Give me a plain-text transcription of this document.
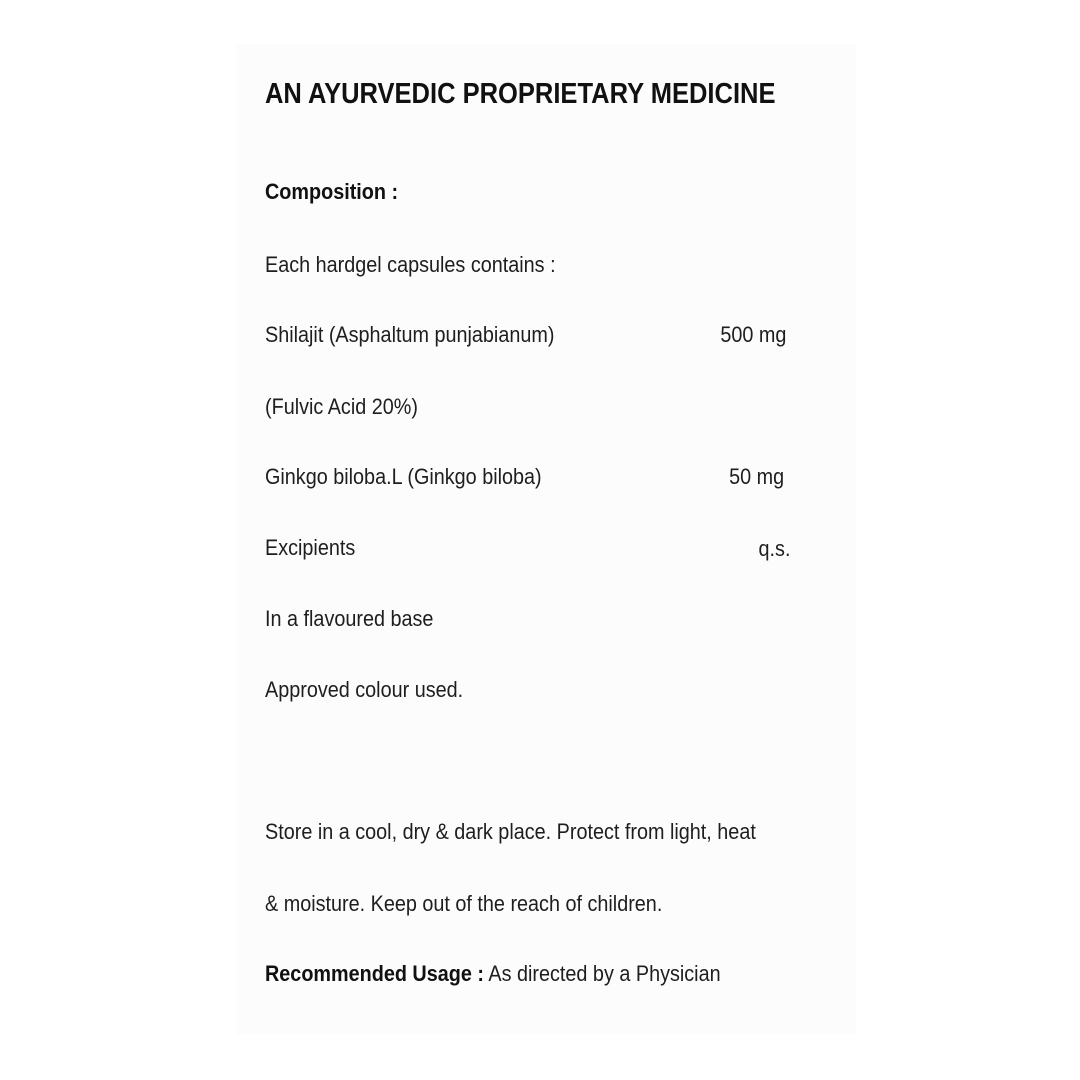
AN AYURVEDIC PROPRIETARY MEDICINE

Composition :

Each hardgel capsules contains :

Shilajit (Asphaltum punjabianum)	500 mg

(Fulvic Acid 20%)

Ginkgo biloba.L (Ginkgo biloba)	50 mg

Excipients	q.s.

In a flavoured base

Approved colour used.

Store in a cool, dry & dark place. Protect from light, heat

& moisture. Keep out of the reach of children.

Recommended Usage : As directed by a Physician
